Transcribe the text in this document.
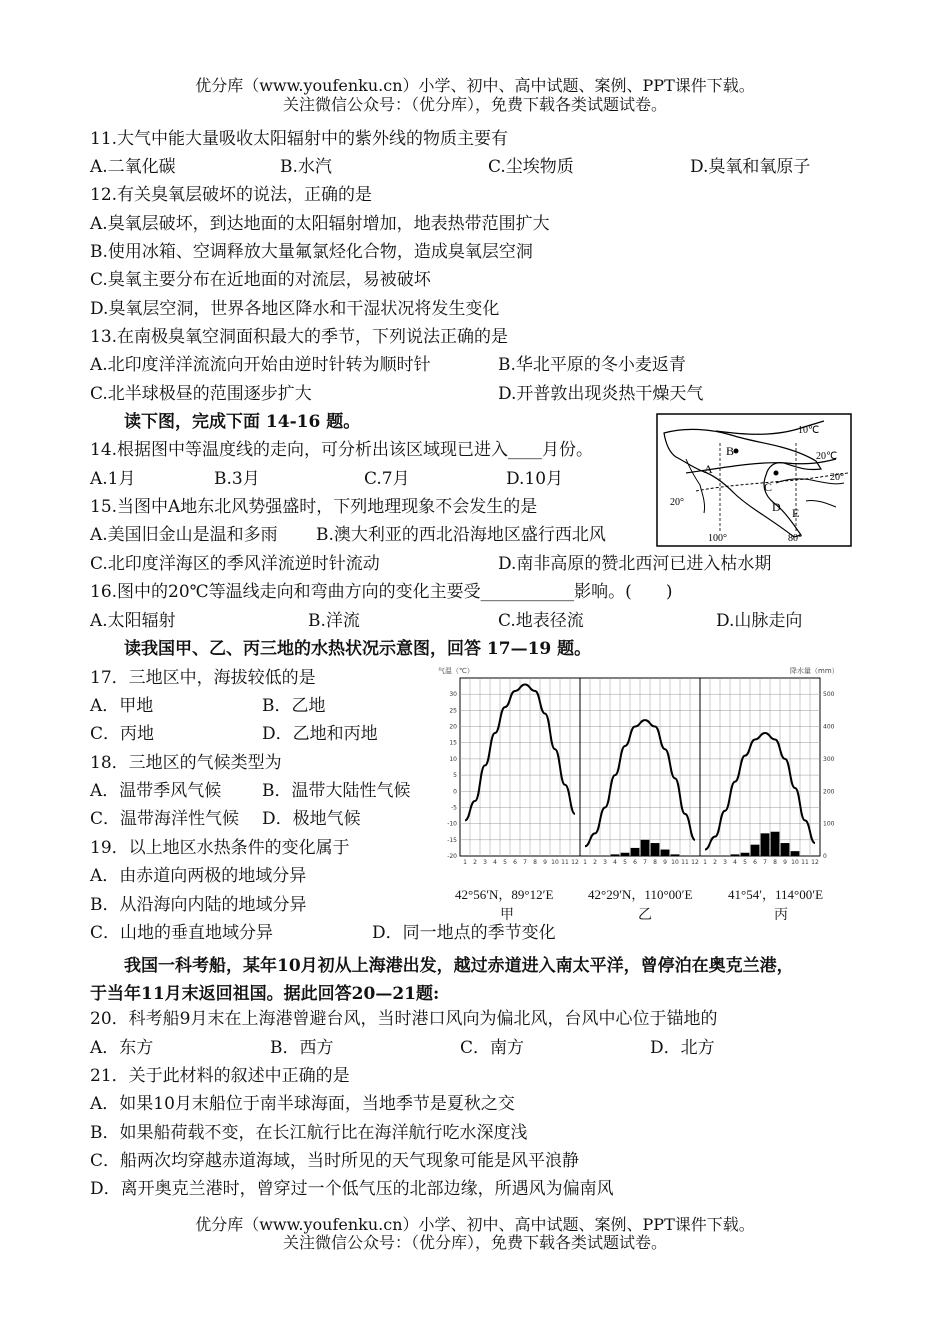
优分库（www.youfenku.cn）小学、初中、高中试题、案例、PPT课件下载。
关注微信公众号：（优分库），免费下载各类试题试卷。
11.大气中能大量吸收太阳辐射中的紫外线的物质主要有
A.二氧化碳	B.水汽	C.尘埃物质	D.臭氧和氧原子
12.有关臭氧层破坏的说法，正确的是
A.臭氧层破坏，到达地面的太阳辐射增加，地表热带范围扩大
B.使用冰箱、空调释放大量氟氯烃化合物，造成臭氧层空洞
C.臭氧主要分布在近地面的对流层，易被破坏
D.臭氧层空洞，世界各地区降水和干湿状况将发生变化
13.在南极臭氧空洞面积最大的季节，下列说法正确的是
A.北印度洋洋流流向开始由逆时针转为顺时针	B.华北平原的冬小麦返青
C.北半球极昼的范围逐步扩大	D.开普敦出现炎热干燥天气
读下图，完成下面 14-16 题。
14.根据图中等温度线的走向，可分析出该区域现已进入____月份。
A.1月	B.3月	C.7月	D.10月
10℃
20℃
20°
20°
100°	80°
A
B
C
D E
15.当图中A地东北风势强盛时，下列地理现象不会发生的是
A.美国旧金山是温和多雨 B.澳大利亚的西北沿海地区盛行西北风
C.北印度洋海区的季风洋流逆时针流动	D.南非高原的赞北西河已进入枯水期
16.图中的20℃等温线走向和弯曲方向的变化主要受___________影响。(　　)
A.太阳辐射	B.洋流	C.地表径流	D.山脉走向
读我国甲、乙、丙三地的水热状况示意图，回答 17—19 题。
17．三地区中，海拔较低的是
A．甲地	B．乙地
C．丙地	D．乙地和丙地
18．三地区的气候类型为
A．温带季风气候 B．温带大陆性气候
C．温带海洋性气候 D．极地气候
19．以上地区水热条件的变化属于
A．由赤道向两极的地域分异
B．从沿海向内陆的地域分异
C．山地的垂直地域分异	D．同一地点的季节变化
气温（℃）	降水量（mm）
30
25
20
15
10
5
0
-5
-10
-15
-20
500
400
300
200
100
0
1 2 3 4 5 6 7 8 9 10 11 12 1 2 3 4 5 6 7 8 9 10 11 12 1 2 3 4 5 6 7 8 9 10 11 12
42°56′N，89°12′E	42°29′N，110°00′E	41°54′，114°00′E
甲	乙	丙
我国一科考船，某年10月初从上海港出发，越过赤道进入南太平洋，曾停泊在奥克兰港，
于当年11月末返回祖国。据此回答20—21题:
20．科考船9月末在上海港曾避台风，当时港口风向为偏北风，台风中心位于锚地的
A．东方	B．西方	C．南方	D．北方
21．关于此材料的叙述中正确的是
A．如果10月末船位于南半球海面，当地季节是夏秋之交
B．如果船荷载不变，在长江航行比在海洋航行吃水深度浅
C．船两次均穿越赤道海域，当时所见的天气现象可能是风平浪静
D．离开奥克兰港时，曾穿过一个低气压的北部边缘，所遇风为偏南风
优分库（www.youfenku.cn）小学、初中、高中试题、案例、PPT课件下载。
关注微信公众号：（优分库），免费下载各类试题试卷。
